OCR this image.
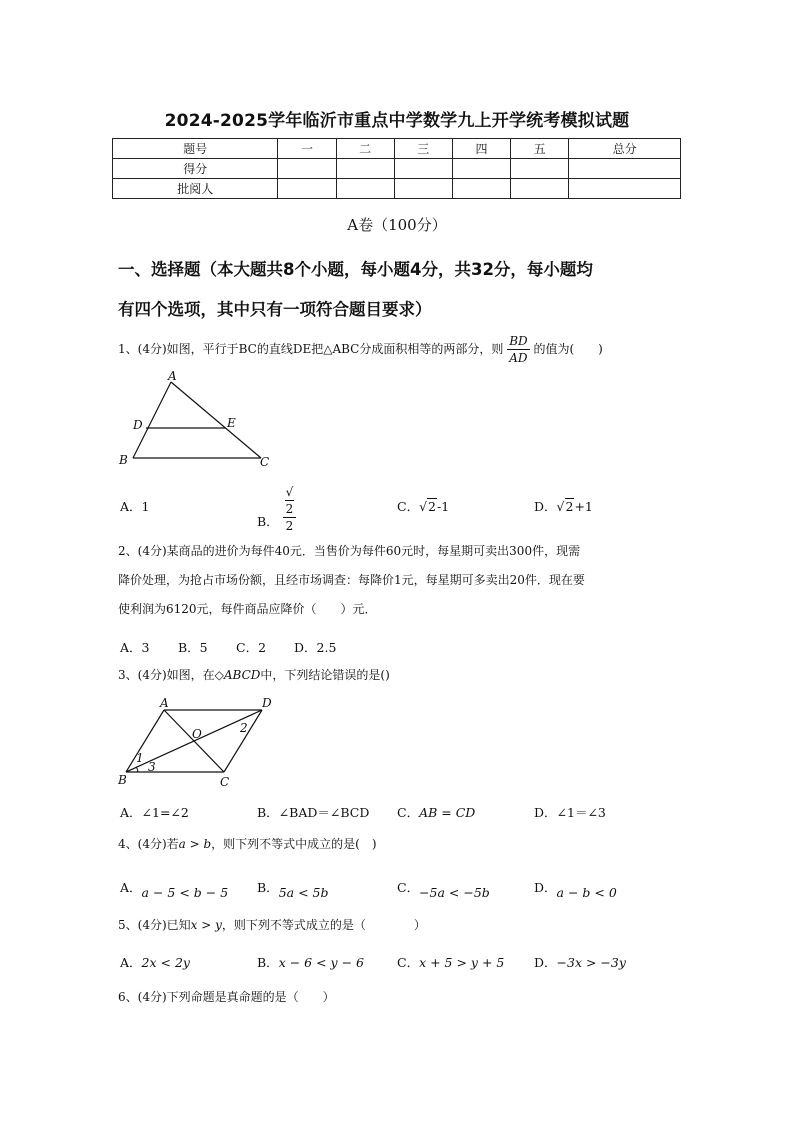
2024-2025学年临沂市重点中学数学九上开学统考模拟试题
题号	一	二	三	四	五	总分
得分						
批阅人						
A卷（100分）
一、选择题（本大题共8个小题，每小题4分，共32分，每小题均
有四个选项，其中只有一项符合题目要求）
1、(4分)如图，平行于BC的直线DE把△ABC分成面积相等的两部分，则 $\frac{BD}{AD}$ 的值为(　　)
A
D	E
B	C
A．1
B． √
2
2	C．√2-1	D．√2+1
2、(4分)某商品的进价为每件40元．当售价为每件60元时，每星期可卖出300件，现需
降价处理，为抢占市场份额，且经市场调查：每降价1元，每星期可多卖出20件．现在要
使利润为6120元，每件商品应降价（　　）元．
A．3 B．5 C．2 D．2.5
3、(4分)如图，在◇ABCD中，下列结论错误的是()
A	D
O	2
1
3
B	C
A．∠1=∠2	B．∠BAD＝∠BCD C．AB = CD	D．∠1＝∠3
4、(4分)若a > b，则下列不等式中成立的是(　)
A．a − 5 < b − 5 B．5a < 5b	C．−5a < −5b	D．a − b < 0
5、(4分)已知x > y，则下列不等式成立的是（　　　　）
A．2x < 2y	B．x − 6 < y − 6	C．x + 5 > y + 5 D．−3x > −3y
6、(4分)下列命题是真命题的是（　　）
